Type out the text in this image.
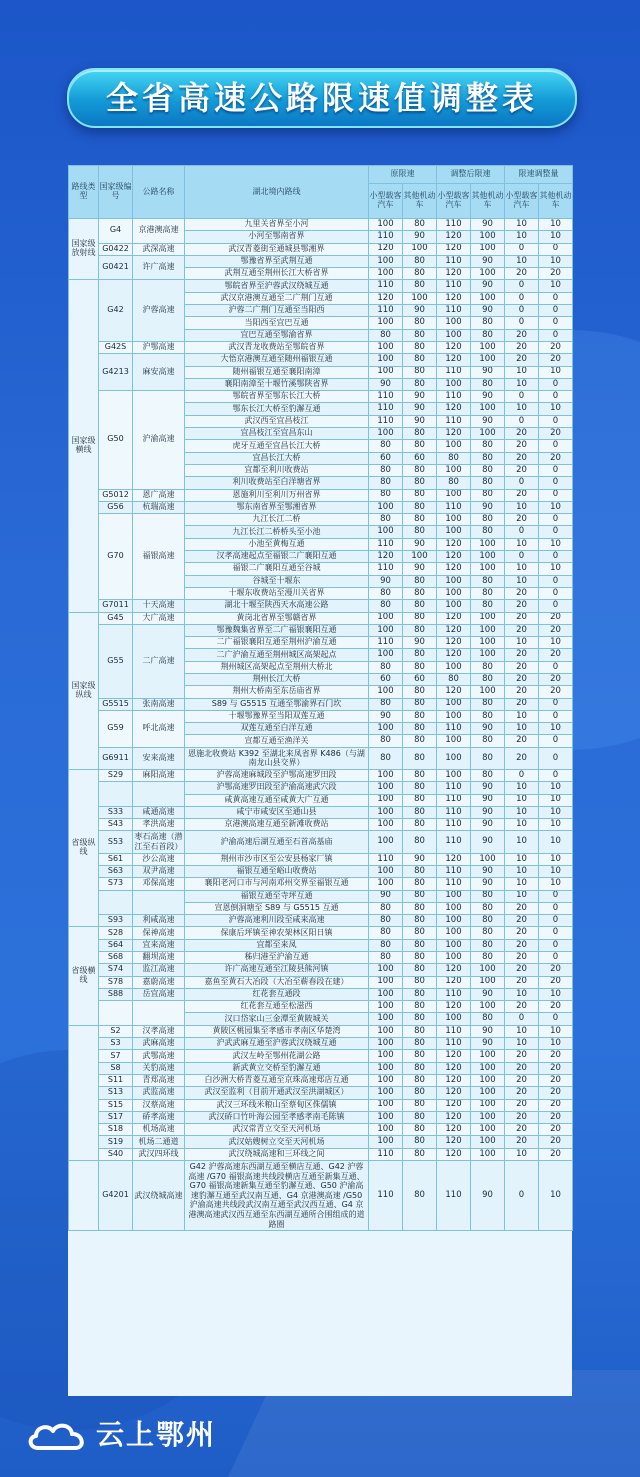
全省高速公路限速值调整表
路线类型	国家级编号	公路名称	湖北境内路线	原限速		调整后限速		限速调整量	
				小型载客汽车	其他机动车	小型载客汽车	其他机动车	小型载客汽车	其他机动车
国家级放射线	G4	京港澳高速	九里关省界至小河	100	80	110	90	10	10
			小河至鄂南省界	110	90	120	100	10	10
	G0422	武深高速	武汉青菱街至通城县鄂湘界	120	100	120	100	0	0
	G0421	许广高速	鄂豫省界至武荆互通	100	80	110	90	10	10
			武荆互通至荆州长江大桥省界	100	80	120	100	20	20
国家级横线	G42	沪蓉高速	鄂皖省界至沪蓉武汉绕城互通	110	80	110	90	0	10
			武汉京港澳互通至二广荆门互通	120	100	120	100	0	0
			沪蓉二广荆门互通至当阳西	110	90	110	90	0	0
			当阳西至宜巴互通	100	80	100	80	0	0
			宜巴互通至鄂渝省界	80	80	100	80	20	0
	G42S	沪鄂高速	武汉青龙收费站至鄂皖省界	100	80	120	100	20	20
	G4213	麻安高速	大悟京港澳互通至随州福银互通	100	80	120	100	20	20
			随州福银互通至襄阳南漳	100	80	110	90	10	10
			襄阳南漳至十堰竹溪鄂陕省界	90	80	100	80	10	0
	G50	沪渝高速	鄂皖省界至鄂东长江大桥	110	90	110	90	0	0
			鄂东长江大桥至豹澥互通	110	90	120	100	10	10
			武汉西至宜昌枝江	110	90	110	90	0	0
			宜昌枝江至宜昌东山	100	80	120	100	20	20
			虎牙互通至宜昌长江大桥	80	80	100	80	20	0
			宜昌长江大桥	60	60	80	80	20	20
			宜都至利川收费站	80	80	100	80	20	0
			利川收费站至白洋塘省界	80	80	80	80	0	0
	G5012	恩广高速	恩施利川至利川万州省界	80	80	100	80	20	0
	G56	杭瑞高速	鄂东南省界至鄂湘省界	100	80	110	90	10	10
	G70	福银高速	九江长江二桥	80	80	100	80	20	0
			九江长江二桥桥头至小池	100	80	100	80	0	0
			小池至黄梅互通	110	90	120	100	10	10
			汉孝高速起点至福银二广襄阳互通	120	100	120	100	0	0
			福银二广襄阳互通至谷城	110	90	120	100	10	10
			谷城至十堰东	90	80	100	80	10	0
			十堰东收费站至漫川关省界	80	80	100	80	20	0
	G7011	十天高速	湖北十堰至陕西天水高速公路	80	80	100	80	20	0
国家级纵线	G45	大广高速	黄岗北省界至鄂赣省界	100	80	120	100	20	20
	G55	二广高速	鄂豫魏集省界至二广福银襄阳互通	100	80	120	100	20	20
			二广福银襄阳互通至荆州沪渝互通	110	90	120	100	10	10
			二广沪渝互通至荆州城区高架起点	100	80	120	100	20	20
			荆州城区高架起点至荆州大桥北	80	80	100	80	20	0
			荆州长江大桥	60	60	80	80	20	20
			荆州大桥南至东岳庙省界	100	80	120	100	20	20
	G5515	张南高速	S89 与 G5515 互通至鄂渝界石门坎	80	80	100	80	20	0
	G59	呼北高速	十堰鄂豫界至当阳双莲互通	90	80	100	80	10	0
			双莲互通至白洋互通	100	80	110	90	10	10
			宣都互通至渔洋关	80	80	100	80	20	0
	G6911	安来高速	恩施北收费站 K392 至湖北来凤省界 K486（与湖南龙山县交界）	80	80	100	80	20	0
省级纵线	S29	麻阳高速	沪蓉高速麻城段至沪鄂高速罗田段	100	80	100	80	0	0
			沪鄂高速罗田段至沪渝高速武穴段	100	80	110	90	10	10
			咸黄高速互通至咸黄大广互通	100	80	110	90	10	10
	S33	咸通高速	咸宁市咸安区至通山县	100	80	110	90	10	10
	S43	孝洪高速	京港澳高速互通至新滩收费站	100	80	110	90	10	10
	S53	枣石高速（潜江至石首段）	沪渝高速后湖互通至石首高基庙	100	80	110	90	10	10
	S61	沙公高速	荆州市沙市区至公安县杨家厂镇	110	90	120	100	10	10
	S63	双尹高速	福银互通至峪山收费站	100	80	110	90	10	10
	S73	邓保高速	襄阳老河口市与河南邓州交界至福银互通	100	80	110	90	10	10
			福银互通至寺坪互通	90	80	100	80	10	0
			宣恩倒洞塘至 S89 与 G5515 互通	80	80	100	80	20	0
	S93	利咸高速	沪蓉高速利川段至咸来高速	80	80	100	80	20	0
省级横线	S28	保神高速	保康后坪镇至神农架林区阳日镇	80	80	100	80	20	0
	S64	宜来高速	宜都至来凤	80	80	100	80	20	0
	S68	翻坝高速	秭归港至沪渝互通	80	80	100	80	20	0
	S74	监江高速	许广高速互通至江陵县熊河镇	100	80	120	100	20	20
	S78	嘉蔚高速	嘉鱼至黄石大冶段（大冶至蕲春段在建）	100	80	120	100	20	20
	S88	岳宜高速	红花套互通段	100	80	110	90	10	10
			红花套互通至松滋西	100	80	120	100	20	20
			汉口岱家山三金潭至黄陂城关	100	80	100	80	0	0
	S2	汉孝高速	黄陂区桃园集至孝感市孝南区华楚湾	100	80	110	90	10	10
	S3	武麻高速	沪武武麻互通至沪蓉武汉绕城互通	100	80	110	90	10	10
	S7	武鄂高速	武汉左岭至鄂州花湖公路	100	80	120	100	20	20
	S8	关豹高速	新武黄立交桥至豹澥互通	100	80	120	100	20	20
	S11	青郑高速	白沙洲大桥青菱互通至京珠高速郑店互通	100	80	120	100	20	20
	S13	武监高速	武汉至监利（目前开通武汉至洪湖城区）	100	80	120	100	20	20
	S15	汉蔡高速	武汉三环线米粮山至蔡甸区侏儒镇	100	80	120	100	20	20
	S17	硚孝高速	武汉硚口竹叶海公园至孝感孝南毛陈镇	100	80	120	100	20	20
	S18	机场高速	武汉常青立交至天河机场	100	80	120	100	20	20
	S19	机场二通道	武汉姑嫂树立交至天河机场	100	80	120	100	20	20
	S40	武汉四环线	武汉绕城高速和三环线之间	110	80	120	100	10	20
	G4201	武汉绕城高速	G42 沪蓉高速东西湖互通至横店互通、G42 沪蓉高速 /G70 福银高速共线段横店互通至新集互通、G70 福银高速新集互通至豹澥互通、G50 沪渝高速豹澥互通至武汉南互通、G4 京港澳高速 /G50 沪渝高速共线段武汉南互通至武汉西互通、G4 京港澳高速武汉西互通至东西湖互通所合围组成的道路圈	110	80	110	90	0	10
云上鄂州
